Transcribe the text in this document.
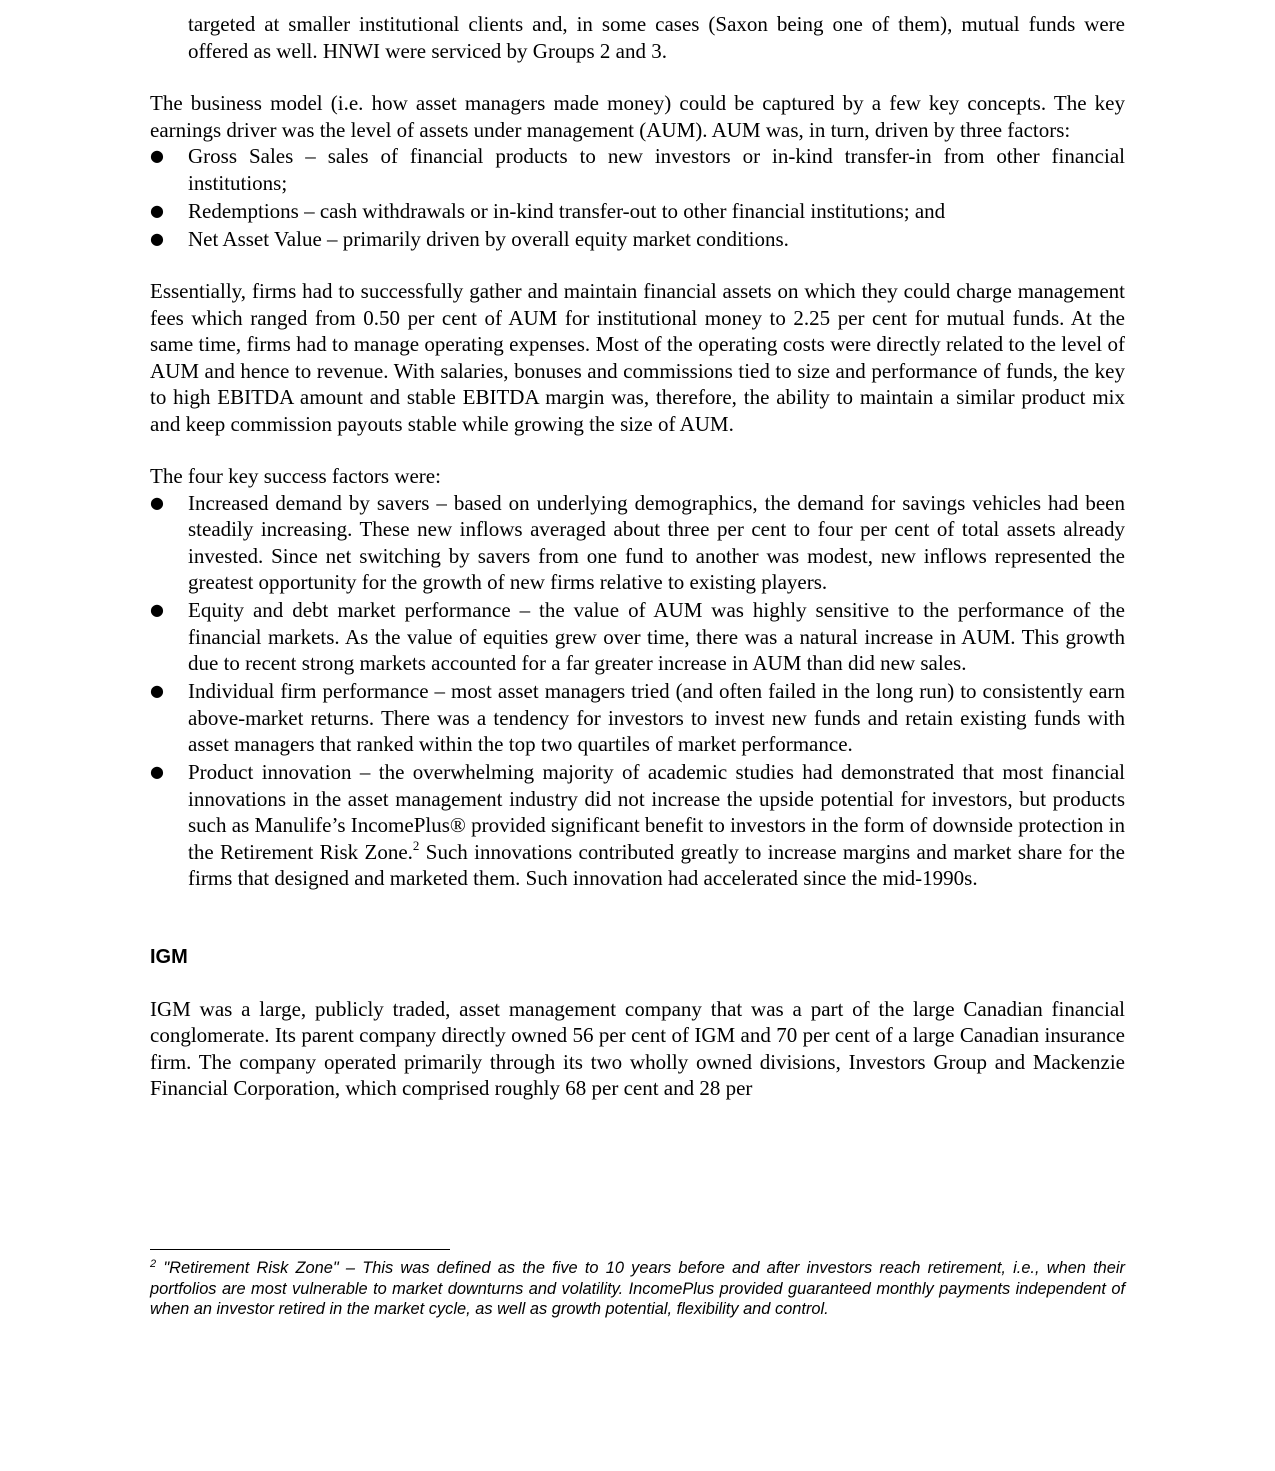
targeted at smaller institutional clients and, in some cases (Saxon being one of them), mutual funds were offered as well. HNWI were serviced by Groups 2 and 3.

The business model (i.e. how asset managers made money) could be captured by a few key concepts. The key earnings driver was the level of assets under management (AUM). AUM was, in turn, driven by three factors:

● Gross Sales – sales of financial products to new investors or in-kind transfer-in from other financial institutions;
● Redemptions – cash withdrawals or in-kind transfer-out to other financial institutions; and
● Net Asset Value – primarily driven by overall equity market conditions.

Essentially, firms had to successfully gather and maintain financial assets on which they could charge management fees which ranged from 0.50 per cent of AUM for institutional money to 2.25 per cent for mutual funds. At the same time, firms had to manage operating expenses. Most of the operating costs were directly related to the level of AUM and hence to revenue. With salaries, bonuses and commissions tied to size and performance of funds, the key to high EBITDA amount and stable EBITDA margin was, therefore, the ability to maintain a similar product mix and keep commission payouts stable while growing the size of AUM.

The four key success factors were:

● Increased demand by savers – based on underlying demographics, the demand for savings vehicles had been steadily increasing. These new inflows averaged about three per cent to four per cent of total assets already invested. Since net switching by savers from one fund to another was modest, new inflows represented the greatest opportunity for the growth of new firms relative to existing players.
● Equity and debt market performance – the value of AUM was highly sensitive to the performance of the financial markets. As the value of equities grew over time, there was a natural increase in AUM. This growth due to recent strong markets accounted for a far greater increase in AUM than did new sales.
● Individual firm performance – most asset managers tried (and often failed in the long run) to consistently earn above-market returns. There was a tendency for investors to invest new funds and retain existing funds with asset managers that ranked within the top two quartiles of market performance.
● Product innovation – the overwhelming majority of academic studies had demonstrated that most financial innovations in the asset management industry did not increase the upside potential for investors, but products such as Manulife’s IncomePlus® provided significant benefit to investors in the form of downside protection in the Retirement Risk Zone.$^2$ Such innovations contributed greatly to increase margins and market share for the firms that designed and marketed them. Such innovation had accelerated since the mid-1990s.
IGM

IGM was a large, publicly traded, asset management company that was a part of the large Canadian financial conglomerate. Its parent company directly owned 56 per cent of IGM and 70 per cent of a large Canadian insurance firm. The company operated primarily through its two wholly owned divisions, Investors Group and Mackenzie Financial Corporation, which comprised roughly 68 per cent and 28 per

$^2$ "Retirement Risk Zone" – This was defined as the five to 10 years before and after investors reach retirement, i.e., when their portfolios are most vulnerable to market downturns and volatility. IncomePlus provided guaranteed monthly payments independent of when an investor retired in the market cycle, as well as growth potential, flexibility and control.
